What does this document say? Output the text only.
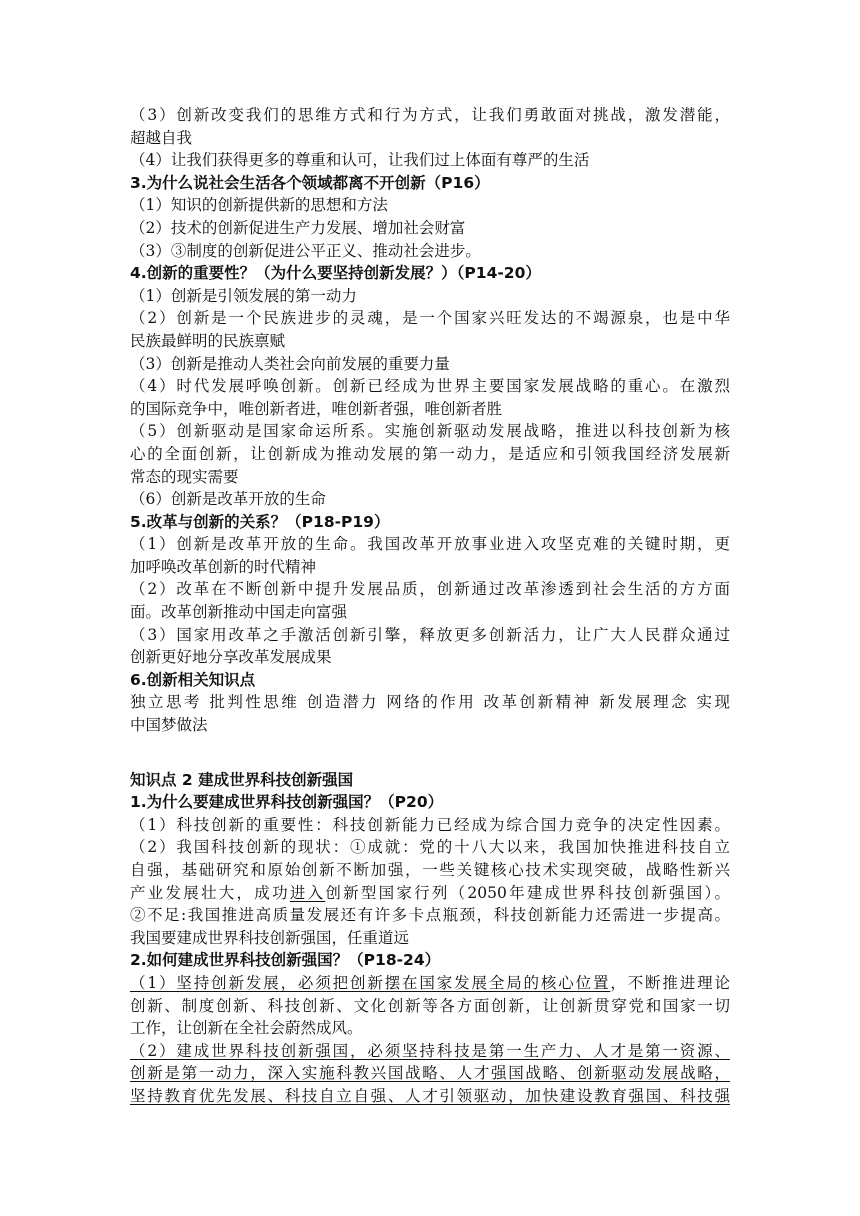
（3）创新改变我们的思维方式和行为方式，让我们勇敢面对挑战，激发潜能，
超越自我
（4）让我们获得更多的尊重和认可，让我们过上体面有尊严的生活
3.为什么说社会生活各个领域都离不开创新（P16）
（1）知识的创新提供新的思想和方法
（2）技术的创新促进生产力发展、增加社会财富
（3）③制度的创新促进公平正义、推动社会进步。
4.创新的重要性？（为什么要坚持创新发展？）（P14-20）
（1）创新是引领发展的第一动力
（2）创新是一个民族进步的灵魂，是一个国家兴旺发达的不竭源泉，也是中华
民族最鲜明的民族禀赋
（3）创新是推动人类社会向前发展的重要力量
（4）时代发展呼唤创新。创新已经成为世界主要国家发展战略的重心。在激烈
的国际竞争中，唯创新者进，唯创新者强，唯创新者胜
（5）创新驱动是国家命运所系。实施创新驱动发展战略，推进以科技创新为核
心的全面创新，让创新成为推动发展的第一动力，是适应和引领我国经济发展新
常态的现实需要
（6）创新是改革开放的生命
5.改革与创新的关系？（P18-P19）
（1）创新是改革开放的生命。我国改革开放事业进入攻坚克难的关键时期，更
加呼唤改革创新的时代精神
（2）改革在不断创新中提升发展品质，创新通过改革渗透到社会生活的方方面
面。改革创新推动中国走向富强
（3）国家用改革之手激活创新引擎，释放更多创新活力，让广大人民群众通过
创新更好地分享改革发展成果
6.创新相关知识点
独立思考 批判性思维 创造潜力 网络的作用 改革创新精神 新发展理念 实现
中国梦做法
知识点 2 建成世界科技创新强国
1.为什么要建成世界科技创新强国？（P20）
（1）科技创新的重要性：科技创新能力已经成为综合国力竞争的决定性因素。
（2）我国科技创新的现状：①成就：党的十八大以来，我国加快推进科技自立
自强，基础研究和原始创新不断加强，一些关键核心技术实现突破，战略性新兴
产业发展壮大，成功进入创新型国家行列（2050年建成世界科技创新强国）。
②不足:我国推进高质量发展还有许多卡点瓶颈，科技创新能力还需进一步提高。
我国要建成世界科技创新强国，任重道远
2.如何建成世界科技创新强国？（P18-24）
（1）坚持创新发展，必须把创新摆在国家发展全局的核心位置，不断推进理论
创新、制度创新、科技创新、文化创新等各方面创新，让创新贯穿党和国家一切
工作，让创新在全社会蔚然成风。
（2）建成世界科技创新强国，必须坚持科技是第一生产力、人才是第一资源、
创新是第一动力，深入实施科教兴国战略、人才强国战略、创新驱动发展战略，
坚持教育优先发展、科技自立自强、人才引领驱动，加快建设教育强国、科技强
